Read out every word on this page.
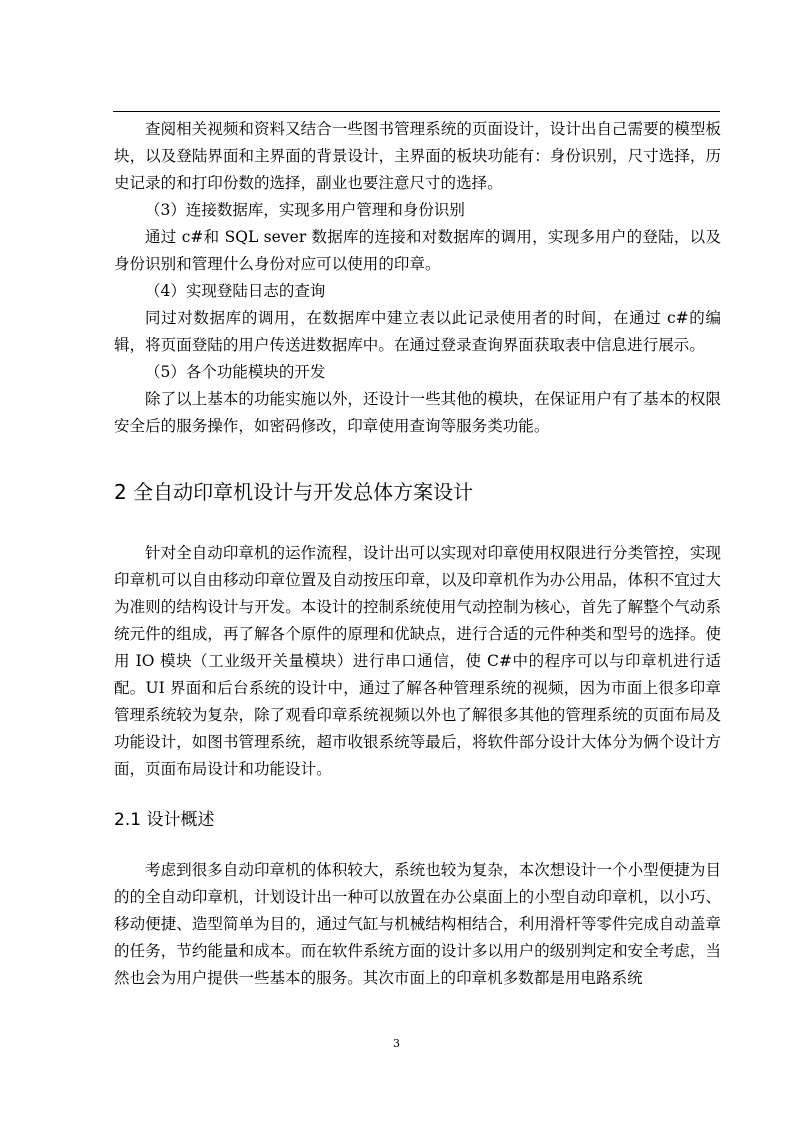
查阅相关视频和资料又结合一些图书管理系统的页面设计，设计出自己需要的模型板块，以及登陆界面和主界面的背景设计，主界面的板块功能有：身份识别，尺寸选择，历史记录的和打印份数的选择，副业也要注意尺寸的选择。

（3）连接数据库，实现多用户管理和身份识别

通过 c#和 SQL sever 数据库的连接和对数据库的调用，实现多用户的登陆，以及身份识别和管理什么身份对应可以使用的印章。

（4）实现登陆日志的查询

同过对数据库的调用，在数据库中建立表以此记录使用者的时间，在通过 c#的编辑，将页面登陆的用户传送进数据库中。在通过登录查询界面获取表中信息进行展示。

（5）各个功能模块的开发

除了以上基本的功能实施以外，还设计一些其他的模块，在保证用户有了基本的权限安全后的服务操作，如密码修改，印章使用查询等服务类功能。

2 全自动印章机设计与开发总体方案设计

针对全自动印章机的运作流程，设计出可以实现对印章使用权限进行分类管控，实现印章机可以自由移动印章位置及自动按压印章，以及印章机作为办公用品，体积不宜过大为准则的结构设计与开发。本设计的控制系统使用气动控制为核心，首先了解整个气动系统元件的组成，再了解各个原件的原理和优缺点，进行合适的元件种类和型号的选择。使用 IO 模块（工业级开关量模块）进行串口通信，使 C#中的程序可以与印章机进行适配。UI 界面和后台系统的设计中，通过了解各种管理系统的视频，因为市面上很多印章管理系统较为复杂，除了观看印章系统视频以外也了解很多其他的管理系统的页面布局及功能设计，如图书管理系统，超市收银系统等最后，将软件部分设计大体分为俩个设计方面，页面布局设计和功能设计。

2.1 设计概述

考虑到很多自动印章机的体积较大，系统也较为复杂，本次想设计一个小型便捷为目的的全自动印章机，计划设计出一种可以放置在办公桌面上的小型自动印章机，以小巧、移动便捷、造型简单为目的，通过气缸与机械结构相结合，利用滑杆等零件完成自动盖章的任务，节约能量和成本。而在软件系统方面的设计多以用户的级别判定和安全考虑，当然也会为用户提供一些基本的服务。其次市面上的印章机多数都是用电路系统

3
